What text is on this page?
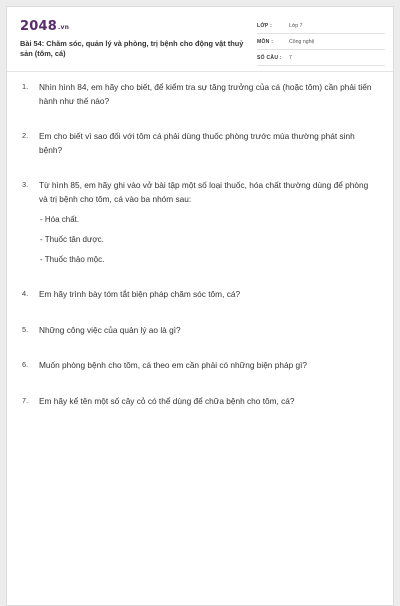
2048.vn
Bài 54: Chăm sóc, quản lý và phòng, trị bệnh cho động vật thuỷ sản (tôm, cá)
LỚP :	Lớp 7
MÔN :	Công nghệ
SỐ CÂU : 7
1. Nhìn hình 84, em hãy cho biết, để kiểm tra sự tăng trưởng của cá (hoặc tôm) cần phải tiến hành như thế nào?
2. Em cho biết vì sao đối với tôm cá phải dùng thuốc phòng trước mùa thường phát sinh bệnh?
3. Từ hình 85, em hãy ghi vào vở bài tập một số loại thuốc, hóa chất thường dùng để phòng và trị bệnh cho tôm, cá vào ba nhóm sau:
- Hóa chất.
- Thuốc tân dược.
- Thuốc thảo mộc.
4. Em hãy trình bày tóm tắt biện pháp chăm sóc tôm, cá?
5. Những công việc của quản lý ao là gì?
6. Muốn phòng bệnh cho tôm, cá theo em cần phải có những biện pháp gì?
7. Em hãy kể tên một số cây cỏ có thể dùng để chữa bệnh cho tôm, cá?
